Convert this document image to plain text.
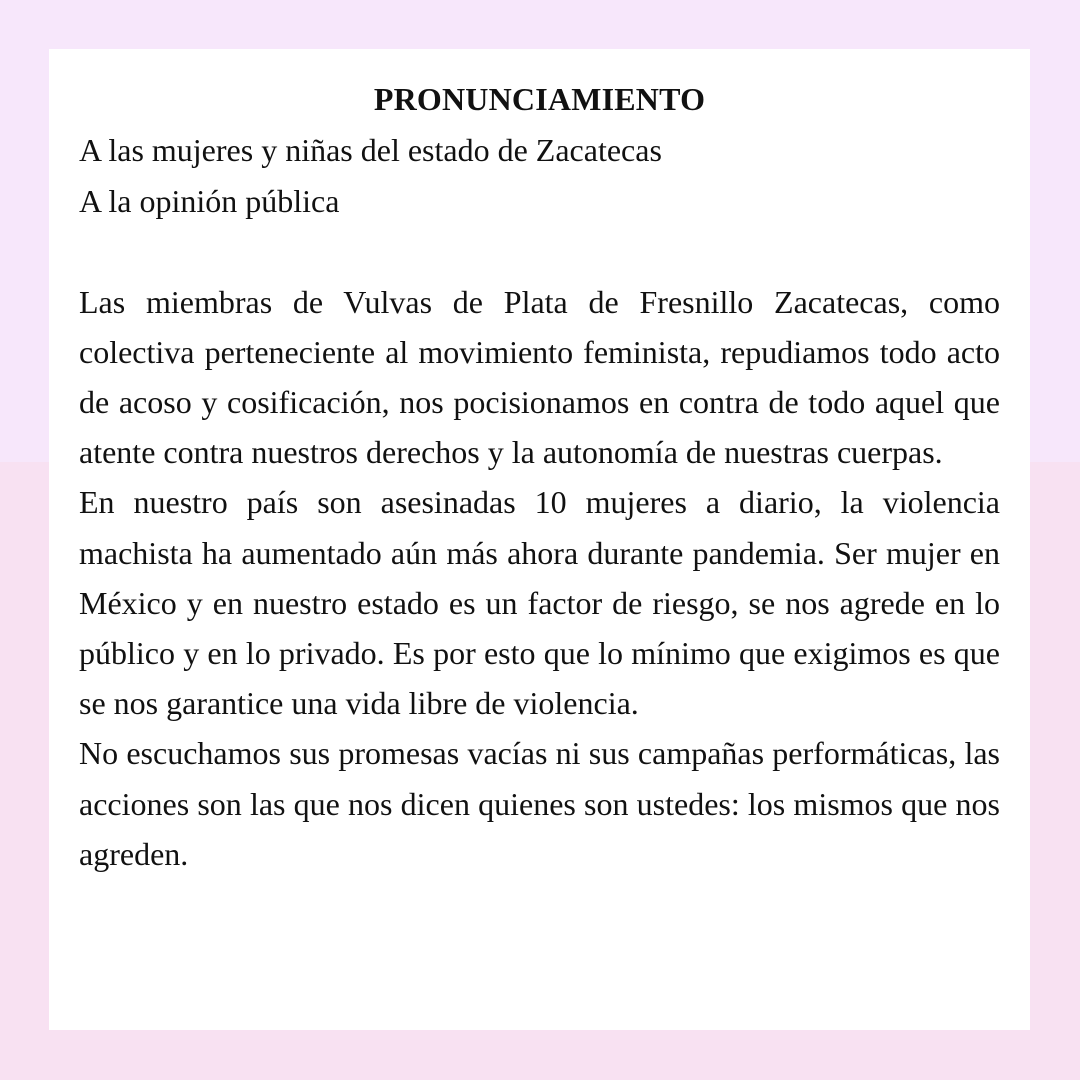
PRONUNCIAMIENTO
A las mujeres y niñas del estado de Zacatecas
A la opinión pública

Las miembras de Vulvas de Plata de Fresnillo Zacatecas, como colectiva perteneciente al movimiento feminista, repudiamos todo acto de acoso y cosificación, nos pocisionamos en contra de todo aquel que atente contra nuestros derechos y la autonomía de nuestras cuerpas.

En nuestro país son asesinadas 10 mujeres a diario, la violencia machista ha aumentado aún más ahora durante pandemia. Ser mujer en México y en nuestro estado es un factor de riesgo, se nos agrede en lo público y en lo privado. Es por esto que lo mínimo que exigimos es que se nos garantice una vida libre de violencia.

No escuchamos sus promesas vacías ni sus campañas performáticas, las acciones son las que nos dicen quienes son ustedes: los mismos que nos agreden.
